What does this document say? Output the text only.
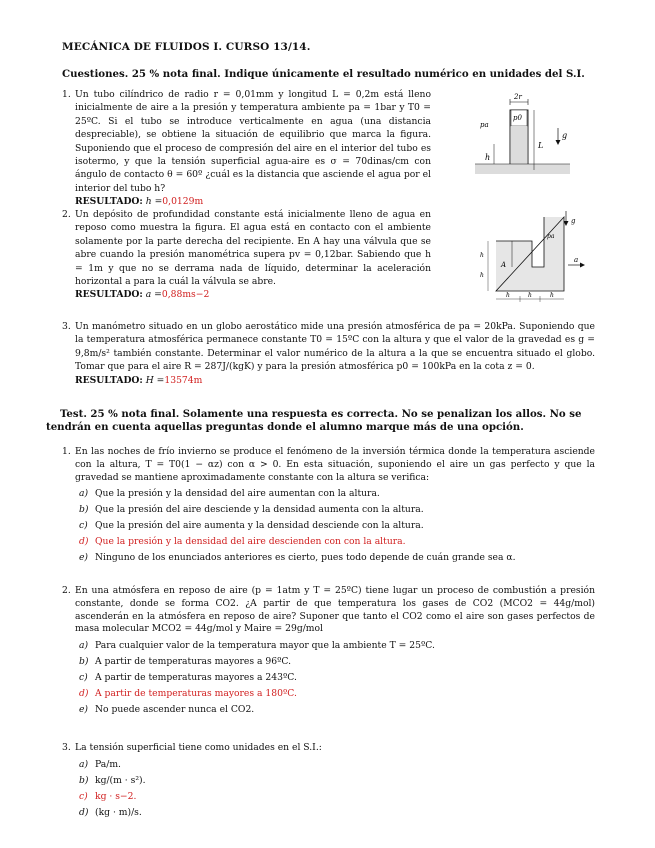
MECÁNICA DE FLUIDOS I. CURSO 13/14.
Cuestiones. 25 % nota final. Indique únicamente el resultado numérico en unidades del S.I.
1. Un tubo cilíndrico de radio r = 0,01mm y longitud L = 0,2m está lleno inicialmente de aire a la presión y temperatura ambiente pa = 1bar y T0 = 25ºC. Si el tubo se introduce verticalmente en agua (una distancia despreciable), se obtiene la situación de equilibrio que marca la figura. Suponiendo que el proceso de compresión del aire en el interior del tubo es isotermo, y que la tensión superficial agua-aire es σ = 70dinas/cm con ángulo de contacto θ = 60º ¿cuál es la distancia que asciende el agua por el interior del tubo h?
RESULTADO: h =0,0129m
2r
p0
pa
L
h
g
2. Un depósito de profundidad constante está inicialmente lleno de agua en reposo como muestra la figura. El agua está en contacto con el ambiente solamente por la parte derecha del recipiente. En A hay una válvula que se abre cuando la presión manométrica supera pv = 0,12bar. Sabiendo que h = 1m y que no se derrama nada de líquido, determinar la aceleración horizontal a para la cuál la válvula se abre.
RESULTADO: a =0,88ms−2
pa
A
g
a
h
h
h	h	h
3. Un manómetro situado en un globo aerostático mide una presión atmosférica de pa = 20kPa. Suponiendo que la temperatura atmosférica permanece constante T0 = 15ºC con la altura y que el valor de la gravedad es g = 9,8m/s² también constante. Determinar el valor numérico de la altura a la que se encuentra situado el globo. Tomar que para el aire R = 287J/(kgK) y para la presión atmosférica p0 = 100kPa en la cota z = 0.
RESULTADO: H =13574m
Test. 25 % nota final. Solamente una respuesta es correcta. No se penalizan los allos. No se tendrán en cuenta aquellas preguntas donde el alumno marque más de una opción.
1. En las noches de frío invierno se produce el fenómeno de la inversión térmica donde la temperatura asciende con la altura, T = T0(1 − αz) con α > 0. En esta situación, suponiendo el aire un gas perfecto y que la gravedad se mantiene aproximadamente constante con la altura se verifica:
a) Que la presión y la densidad del aire aumentan con la altura.
b) Que la presión del aire desciende y la densidad aumenta con la altura.
c) Que la presión del aire aumenta y la densidad desciende con la altura.
d) Que la presión y la densidad del aire descienden con con la altura.
e) Ninguno de los enunciados anteriores es cierto, pues todo depende de cuán grande sea α.
2. En una atmósfera en reposo de aire (p = 1atm y T = 25ºC) tiene lugar un proceso de combustión a presión constante, donde se forma CO2. ¿A partir de que temperatura los gases de CO2 (MCO2 = 44g/mol) ascenderán en la atmósfera en reposo de aire? Suponer que tanto el CO2 como el aire son gases perfectos de masa molecular MCO2 = 44g/mol y Maire = 29g/mol
a) Para cualquier valor de la temperatura mayor que la ambiente T = 25ºC.
b) A partir de temperaturas mayores a 96ºC.
c) A partir de temperaturas mayores a 243ºC.
d) A partir de temperaturas mayores a 180ºC.
e) No puede ascender nunca el CO2.
3. La tensión superficial tiene como unidades en el S.I.:
a) Pa/m.
b) kg/(m · s²).
c) kg · s−2.
d) (kg · m)/s.
